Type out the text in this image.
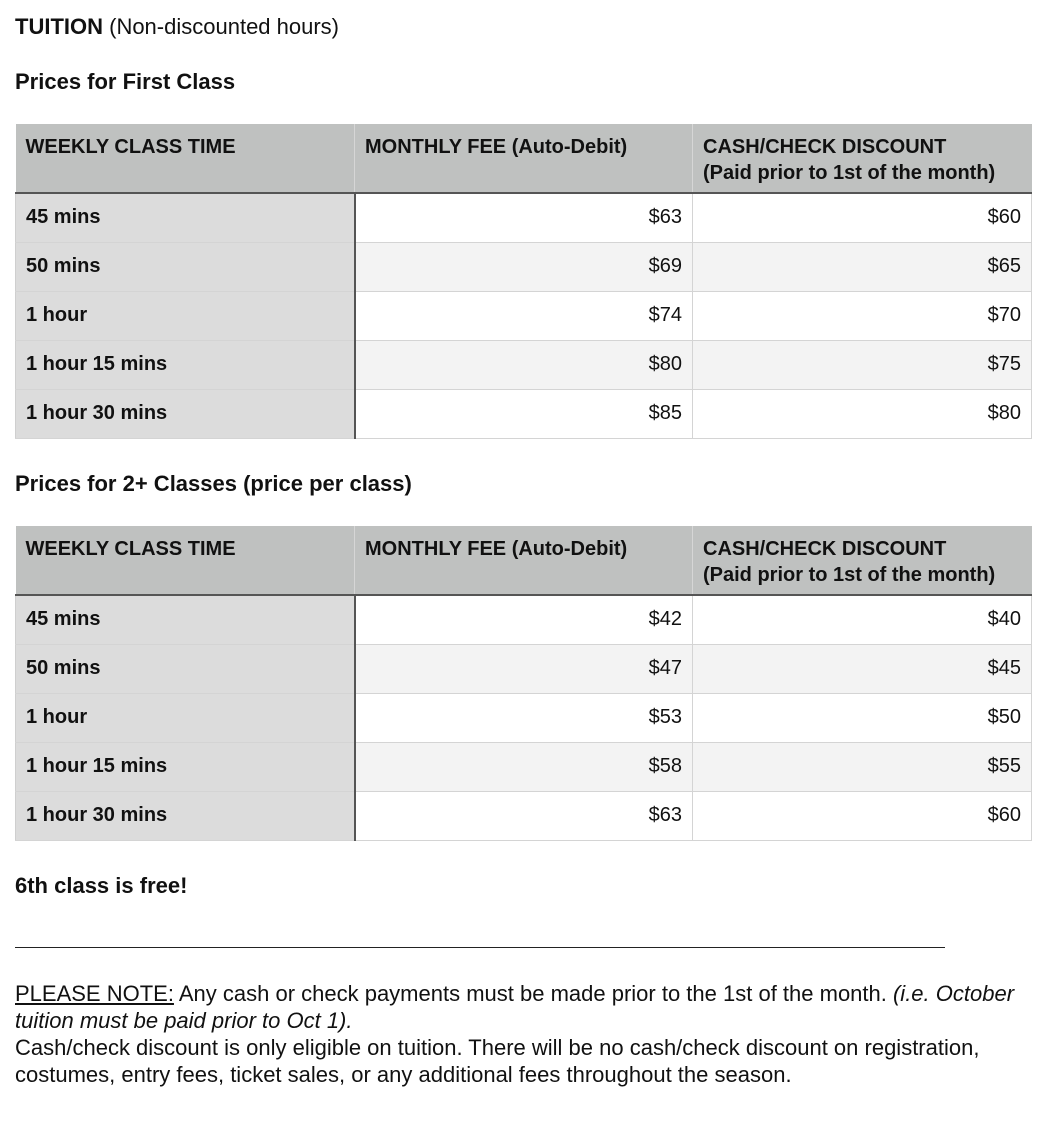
TUITION (Non-discounted hours)
Prices for First Class
WEEKLY CLASS TIME	MONTHLY FEE (Auto-Debit)	CASH/CHECK DISCOUNT
(Paid prior to 1st of the month)
45 mins	$63	$60
50 mins	$69	$65
1 hour	$74	$70
1 hour 15 mins	$80	$75
1 hour 30 mins	$85	$80
Prices for 2+ Classes (price per class)
WEEKLY CLASS TIME	MONTHLY FEE (Auto-Debit)	CASH/CHECK DISCOUNT
(Paid prior to 1st of the month)
45 mins	$42	$40
50 mins	$47	$45
1 hour	$53	$50
1 hour 15 mins	$58	$55
1 hour 30 mins	$63	$60
6th class is free!
PLEASE NOTE: Any cash or check payments must be made prior to the 1st of the month. (i.e. October tuition must be paid prior to Oct 1).
Cash/check discount is only eligible on tuition. There will be no cash/check discount on registration, costumes, entry fees, ticket sales, or any additional fees throughout the season.
